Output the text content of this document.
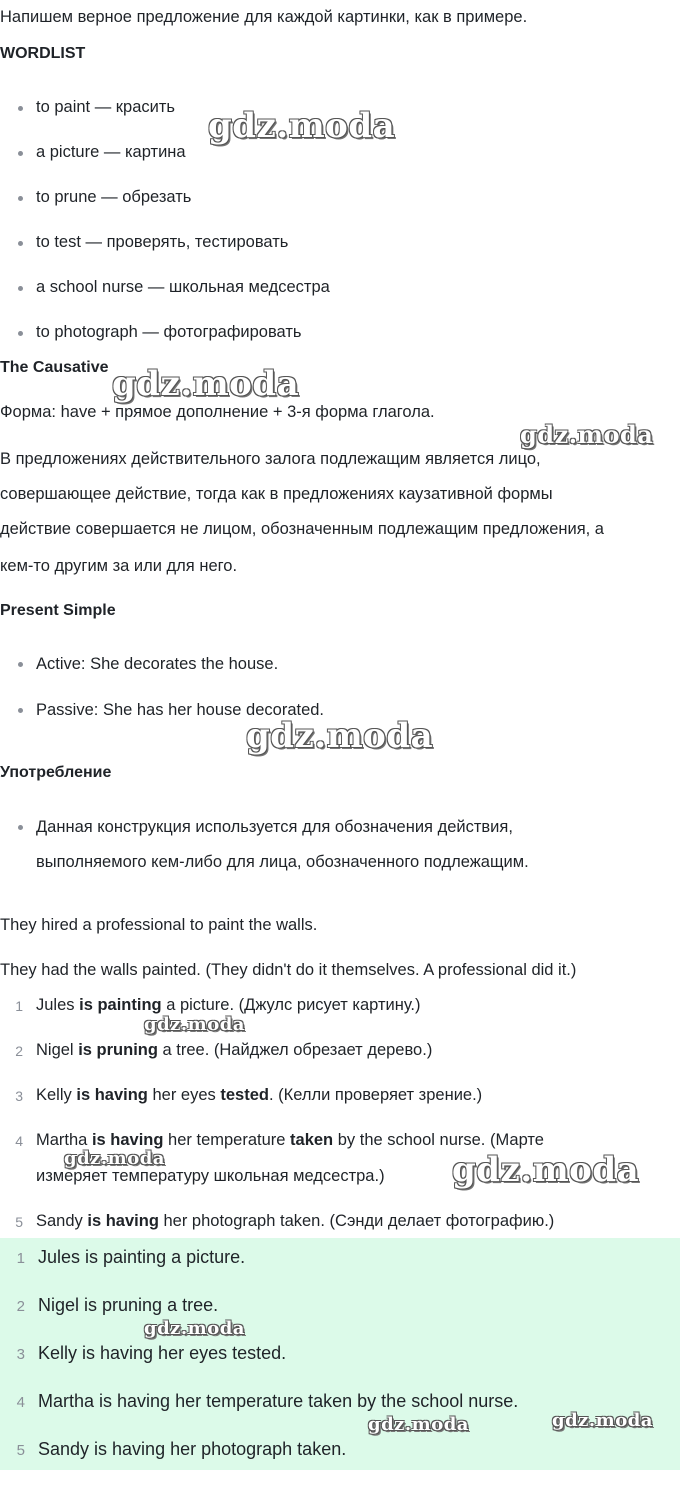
Напишем верное предложение для каждой картинки, как в примере.
WORDLIST
to paint — красить
a picture — картина
to prune — обрезать
to test — проверять, тестировать
a school nurse — школьная медсестра
to photograph — фотографировать
The Causative
Форма: have + прямое дополнение + 3-я форма глагола.
В предложениях действительного залога подлежащим является лицо,
совершающее действие, тогда как в предложениях каузативной формы
действие совершается не лицом, обозначенным подлежащим предложения, а
кем-то другим за или для него.
Present Simple
Active: She decorates the house.
Passive: She has her house decorated.
Употребление
Данная конструкция используется для обозначения действия,
выполняемого кем-либо для лица, обозначенного подлежащим.
They hired a professional to paint the walls.
They had the walls painted. (They didn't do it themselves. A professional did it.)
1 Jules is painting a picture. (Джулс рисует картину.)
2 Nigel is pruning a tree. (Найджел обрезает дерево.)
3 Kelly is having her eyes tested. (Келли проверяет зрение.)
4 Martha is having her temperature taken by the school nurse. (Марте
измеряет температуру школьная медсестра.)
5 Sandy is having her photograph taken. (Сэнди делает фотографию.)
1 Jules is painting a picture.
2 Nigel is pruning a tree.
3 Kelly is having her eyes tested.
4 Martha is having her temperature taken by the school nurse.
5 Sandy is having her photograph taken.
gdz.moda
gdz.moda
gdz.moda
gdz.moda
gdz.moda
gdz.moda	gdz.moda
gdz.moda
gdz.moda	gdz.moda
